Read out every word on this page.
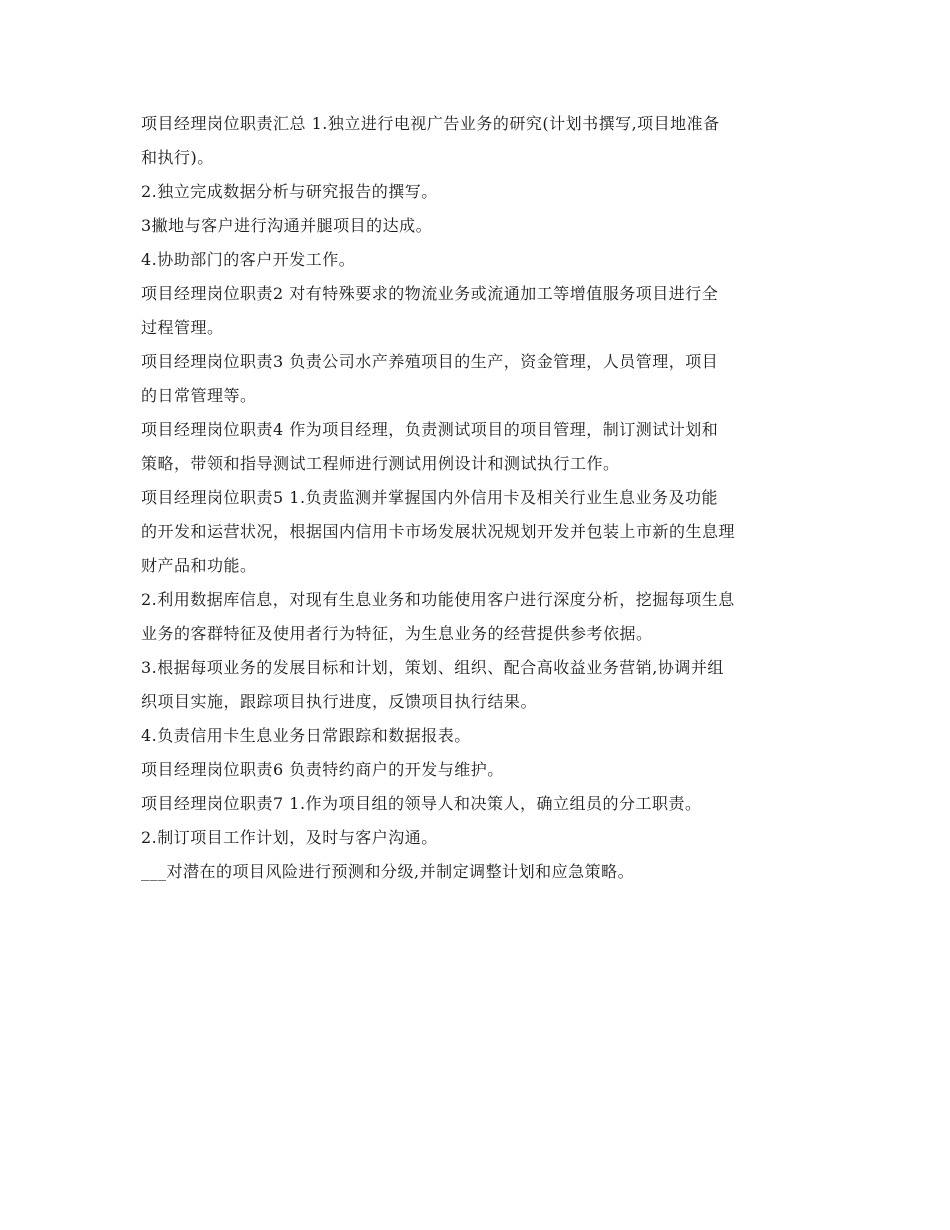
项目经理岗位职责汇总 1.独立进行电视广告业务的研究(计划书撰写,项目地准备
和执行)。
2.独立完成数据分析与研究报告的撰写。
3撇地与客户进行沟通并腿项目的达成。
4.协助部门的客户开发工作。
项目经理岗位职责2 对有特殊要求的物流业务或流通加工等增值服务项目进行全
过程管理。
项目经理岗位职责3 负责公司水产养殖项目的生产，资金管理，人员管理，项目
的日常管理等。
项目经理岗位职责4 作为项目经理，负责测试项目的项目管理，制订测试计划和
策略，带领和指导测试工程师进行测试用例设计和测试执行工作。
项目经理岗位职责5 1.负责监测并掌握国内外信用卡及相关行业生息业务及功能
的开发和运营状况，根据国内信用卡市场发展状况规划开发并包装上市新的生息理
财产品和功能。
2.利用数据库信息，对现有生息业务和功能使用客户进行深度分析，挖掘每项生息
业务的客群特征及使用者行为特征，为生息业务的经营提供参考依据。
3.根据每项业务的发展目标和计划，策划、组织、配合高收益业务营销,协调并组
织项目实施，跟踪项目执行进度，反馈项目执行结果。
4.负责信用卡生息业务日常跟踪和数据报表。
项目经理岗位职责6 负责特约商户的开发与维护。
项目经理岗位职责7 1.作为项目组的领导人和决策人，确立组员的分工职责。
2.制订项目工作计划，及时与客户沟通。
___对潜在的项目风险进行预测和分级,并制定调整计划和应急策略。
